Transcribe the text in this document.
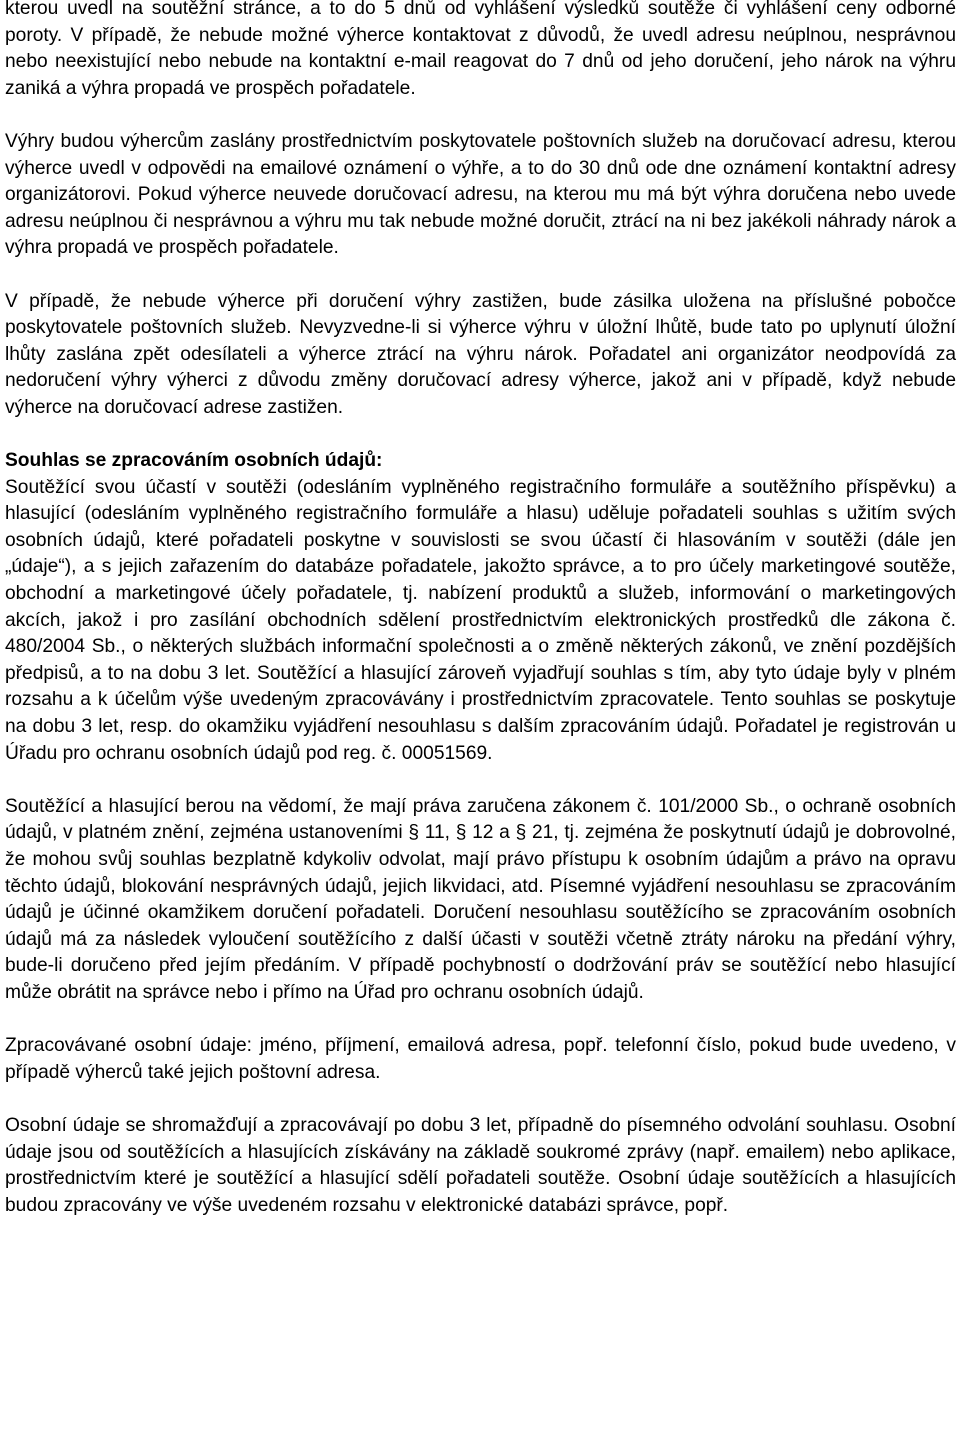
kterou uvedl na soutěžní stránce, a to do 5 dnů od vyhlášení výsledků soutěže či vyhlášení ceny odborné poroty. V případě, že nebude možné výherce kontaktovat z důvodů, že uvedl adresu neúplnou, nesprávnou nebo neexistující nebo nebude na kontaktní e-mail reagovat do 7 dnů od jeho doručení, jeho nárok na výhru zaniká a výhra propadá ve prospěch pořadatele.

Výhry budou výhercům zaslány prostřednictvím poskytovatele poštovních služeb na doručovací adresu, kterou výherce uvedl v odpovědi na emailové oznámení o výhře, a to do 30 dnů ode dne oznámení kontaktní adresy organizátorovi. Pokud výherce neuvede doručovací adresu, na kterou mu má být výhra doručena nebo uvede adresu neúplnou či nesprávnou a výhru mu tak nebude možné doručit, ztrácí na ni bez jakékoli náhrady nárok a výhra propadá ve prospěch pořadatele.

V případě, že nebude výherce při doručení výhry zastižen, bude zásilka uložena na příslušné pobočce poskytovatele poštovních služeb. Nevyzvedne-li si výherce výhru v úložní lhůtě, bude tato po uplynutí úložní lhůty zaslána zpět odesílateli a výherce ztrácí na výhru nárok. Pořadatel ani organizátor neodpovídá za nedoručení výhry výherci z důvodu změny doručovací adresy výherce, jakož ani v případě, když nebude výherce na doručovací adrese zastižen.

Souhlas se zpracováním osobních údajů:

Soutěžící svou účastí v soutěži (odesláním vyplněného registračního formuláře a soutěžního příspěvku) a hlasující (odesláním vyplněného registračního formuláře a hlasu) uděluje pořadateli souhlas s užitím svých osobních údajů, které pořadateli poskytne v souvislosti se svou účastí či hlasováním v soutěži (dále jen „údaje“), a s jejich zařazením do databáze pořadatele, jakožto správce, a to pro účely marketingové soutěže, obchodní a marketingové účely pořadatele, tj. nabízení produktů a služeb, informování o marketingových akcích, jakož i pro zasílání obchodních sdělení prostřednictvím elektronických prostředků dle zákona č. 480/2004 Sb., o některých službách informační společnosti a o změně některých zákonů, ve znění pozdějších předpisů, a to na dobu 3 let. Soutěžící a hlasující zároveň vyjadřují souhlas s tím, aby tyto údaje byly v plném rozsahu a k účelům výše uvedeným zpracovávány i prostřednictvím zpracovatele. Tento souhlas se poskytuje na dobu 3 let, resp. do okamžiku vyjádření nesouhlasu s dalším zpracováním údajů. Pořadatel je registrován u Úřadu pro ochranu osobních údajů pod reg. č. 00051569.

Soutěžící a hlasující berou na vědomí, že mají práva zaručena zákonem č. 101/2000 Sb., o ochraně osobních údajů, v platném znění, zejména ustanoveními § 11, § 12 a § 21, tj. zejména že poskytnutí údajů je dobrovolné, že mohou svůj souhlas bezplatně kdykoliv odvolat, mají právo přístupu k osobním údajům a právo na opravu těchto údajů, blokování nesprávných údajů, jejich likvidaci, atd. Písemné vyjádření nesouhlasu se zpracováním údajů je účinné okamžikem doručení pořadateli. Doručení nesouhlasu soutěžícího se zpracováním osobních údajů má za následek vyloučení soutěžícího z další účasti v soutěži včetně ztráty nároku na předání výhry, bude-li doručeno před jejím předáním. V případě pochybností o dodržování práv se soutěžící nebo hlasující může obrátit na správce nebo i přímo na Úřad pro ochranu osobních údajů.

Zpracovávané osobní údaje: jméno, příjmení, emailová adresa, popř. telefonní číslo, pokud bude uvedeno, v případě výherců také jejich poštovní adresa.

Osobní údaje se shromažďují a zpracovávají po dobu 3 let, případně do písemného odvolání souhlasu. Osobní údaje jsou od soutěžících a hlasujících získávány na základě soukromé zprávy (např. emailem) nebo aplikace, prostřednictvím které je soutěžící a hlasující sdělí pořadateli soutěže. Osobní údaje soutěžících a hlasujících budou zpracovány ve výše uvedeném rozsahu v elektronické databázi správce, popř.
